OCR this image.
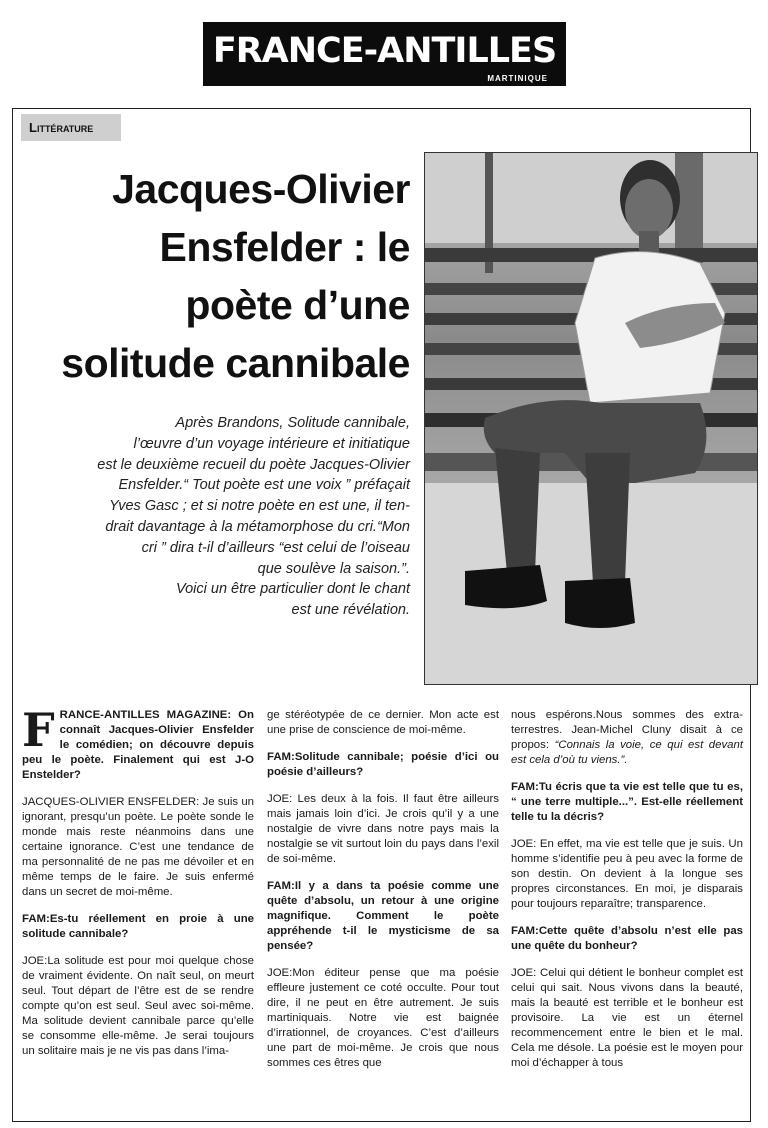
FRANCE-ANTILLES
MARTINIQUE
Littérature
Jacques-Olivier Ensfelder : le poète d’une solitude cannibale
Après Brandons, Solitude cannibale,
l’œuvre d’un voyage intérieure et initiatique
est le deuxième recueil du poète Jacques-Olivier
Ensfelder.“ Tout poète est une voix ” préfaçait
Yves Gasc ; et si notre poète en est une, il ten-
drait davantage à la métamorphose du cri.“Mon
cri ” dira t-il d’ailleurs “est celui de l’oiseau
que soulève la saison.”.
Voici un être particulier dont le chant
est une révélation.

FRANCE-ANTILLES MAGAZINE: On connaît Jacques-Olivier Ensfelder le comédien; on découvre depuis peu le poète. Finalement qui est J-O Enstelder?

JACQUES-OLIVIER ENSFELDER: Je suis un ignorant, presqu’un poète. Le poète sonde le monde mais reste néanmoins dans une certaine ignorance. C’est une tendance de ma personnalité de ne pas me dévoiler et en même temps de le faire. Je suis enfermé dans un secret de moi-même.

FAM:Es-tu réellement en proie à une solitude cannibale?

JOE:La solitude est pour moi quelque chose de vraiment évidente. On naît seul, on meurt seul. Tout départ de l’être est de se rendre compte qu’on est seul. Seul avec soi-même. Ma solitude devient cannibale parce qu’elle se consomme elle-même. Je serai toujours un solitaire mais je ne vis pas dans l’ima-

ge stéréotypée de ce dernier. Mon acte est une prise de conscience de moi-même.

FAM:Solitude cannibale; poésie d’ici ou poésie d’ailleurs?

JOE: Les deux à la fois. Il faut être ailleurs mais jamais loin d’ici. Je crois qu’il y a une nostalgie de vivre dans notre pays mais la nostalgie se vit surtout loin du pays dans l’exil de soi-même.

FAM:Il y a dans ta poésie comme une quête d’absolu, un retour à une origine magnifique. Comment le poète appréhende t-il le mysticisme de sa pensée?

JOE:Mon éditeur pense que ma poésie effleure justement ce coté occulte. Pour tout dire, il ne peut en être autrement. Je suis martiniquais. Notre vie est baignée d’irrationnel, de croyances. C’est d’ailleurs une part de moi-même. Je crois que nous sommes ces êtres que

nous espérons.Nous sommes des extra-terrestres. Jean-Michel Cluny disait à ce propos: “Connais la voie, ce qui est devant est cela d’où tu viens.”.

FAM:Tu écris que ta vie est telle que tu es, “ une terre multiple...”. Est-elle réellement telle tu la décris?

JOE: En effet, ma vie est telle que je suis. Un homme s’identifie peu à peu avec la forme de son destin. On devient à la longue ses propres circonstances. En moi, je disparais pour toujours reparaître; transparence.

FAM:Cette quête d’absolu n’est elle pas une quête du bonheur?

JOE: Celui qui détient le bonheur complet est celui qui sait. Nous vivons dans la beauté, mais la beauté est terrible et le bonheur est provisoire. La vie est un éternel recommencement entre le bien et le mal. Cela me désole. La poésie est le moyen pour moi d’échapper à tous
